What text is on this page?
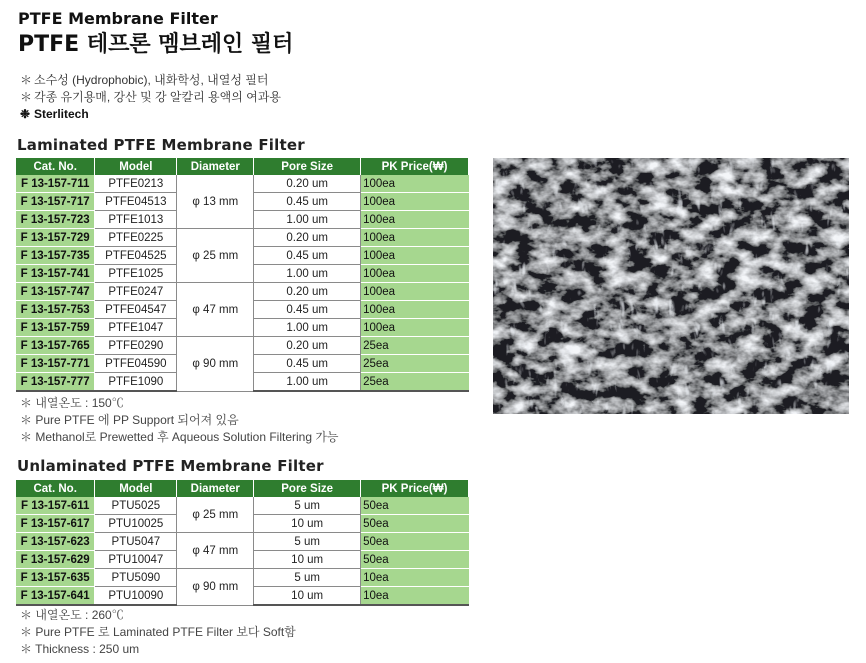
PTFE Membrane Filter
PTFE 테프론 멤브레인 필터
＊ 소수성 (Hydrophobic), 내화학성, 내열성 필터
＊ 각종 유기용매, 강산 및 강 알칼리 용액의 여과용
❉ Sterlitech
Laminated PTFE Membrane Filter
Cat. No.	Model	Diameter	Pore Size	PK Price(₩)
F 13-157-711	PTFE0213	φ 13 mm	0.20 um	100ea
F 13-157-717	PTFE04513		0.45 um	100ea
F 13-157-723	PTFE1013		1.00 um	100ea
F 13-157-729	PTFE0225	φ 25 mm	0.20 um	100ea
F 13-157-735	PTFE04525		0.45 um	100ea
F 13-157-741	PTFE1025		1.00 um	100ea
F 13-157-747	PTFE0247	φ 47 mm	0.20 um	100ea
F 13-157-753	PTFE04547		0.45 um	100ea
F 13-157-759	PTFE1047		1.00 um	100ea
F 13-157-765	PTFE0290	φ 90 mm	0.20 um	25ea
F 13-157-771	PTFE04590		0.45 um	25ea
F 13-157-777	PTFE1090		1.00 um	25ea
＊ 내열온도 : 150℃
＊ Pure PTFE 에 PP Support 되어져 있음
＊ Methanol로 Prewetted 후 Aqueous Solution Filtering 가능
Unlaminated PTFE Membrane Filter
Cat. No.	Model	Diameter	Pore Size	PK Price(₩)
F 13-157-611	PTU5025	φ 25 mm	5 um	50ea
F 13-157-617	PTU10025		10 um	50ea
F 13-157-623	PTU5047	φ 47 mm	5 um	50ea
F 13-157-629	PTU10047		10 um	50ea
F 13-157-635	PTU5090	φ 90 mm	5 um	10ea
F 13-157-641	PTU10090		10 um	10ea
＊ 내열온도 : 260℃
＊ Pure PTFE 로 Laminated PTFE Filter 보다 Soft함
＊ Thickness : 250 um
